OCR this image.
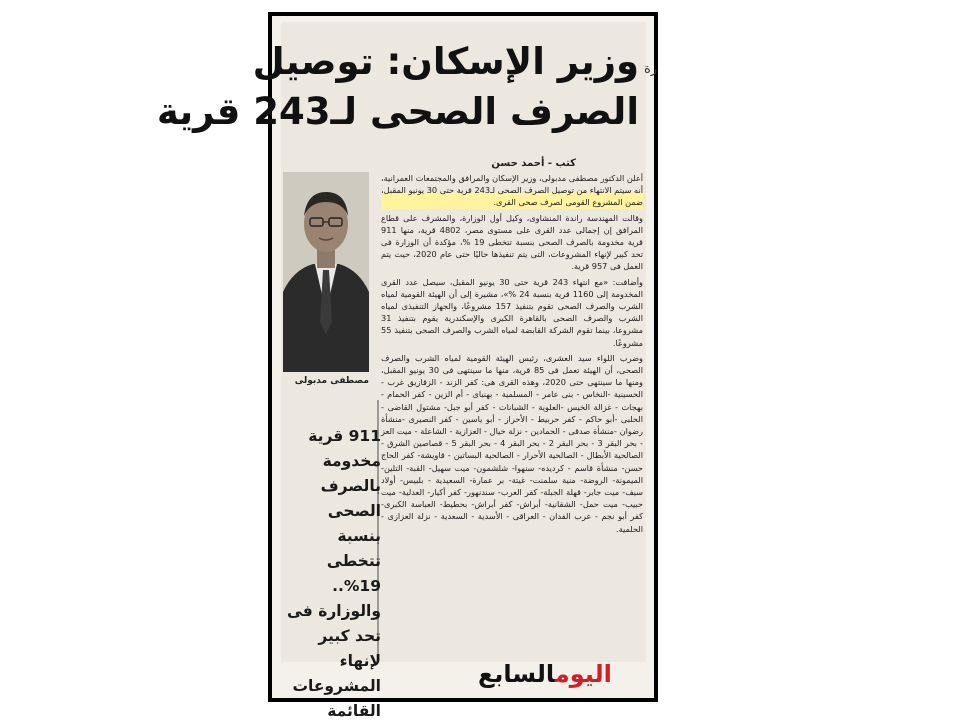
وزير الإسكان: توصيل
الصرف الصحى لـ243 قرية
رة
كتب - أحمد حسن
مصطفى مدبولى
911 قرية مخدومة بالصرف الصحى بنسبة تتخطى 19%.. والوزارة فى تحد كبير لإنهاء المشروعات القائمة

أعلن الدكتور مصطفى مدبولى، وزير الإسكان والمرافق والمجتمعات العمرانية، أنه سيتم الانتهاء من توصيل الصرف الصحى لـ243 قرية حتى 30 يونيو المقبل، ضمن المشروع القومى لصرف صحى القرى.

وقالت المهندسة راندة المنشاوى، وكيل أول الوزارة، والمشرف على قطاع المرافق إن إجمالى عدد القرى على مستوى مصر، 4802 قرية، منها 911 قرية مخدومة بالصرف الصحى بنسبة تتخطى 19 %، مؤكدة أن الوزارة فى تحد كبير لإنهاء المشروعات، التى يتم تنفيذها حاليًا حتى عام 2020، حيث يتم العمل فى 957 قرية.

وأضافت: «مع انتهاء 243 قرية حتى 30 يونيو المقبل، سيصل عدد القرى المخدومة إلى 1160 قرية بنسبة 24 %»، مشيرة إلى أن الهيئة القومية لمياه الشرب والصرف الصحى تقوم بتنفيذ 157 مشروعًا، والجهاز التنفيذى لمياه الشرب والصرف الصحى بالقاهرة الكبرى والإسكندرية يقوم بتنفيذ 31 مشروعا، بينما تقوم الشركة القابضة لمياه الشرب والصرف الصحى بتنفيذ 55 مشروعًا.

وضرب اللواء سيد العشرى، رئيس الهيئة القومية لمياه الشرب والصرف الصحى، أن الهيئة تعمل فى 85 قرية، منها ما سينتهى فى 30 يونيو المقبل، ومنها ما سينتهى حتى 2020، وهذه القرى هى: كفر الزند - الزقازيق غرب - الحسينية -النخاس - بنى عامر - المسلمية - بهنباى - أم الزين - كفر الحمام - بهجات - غزالة الخيس -العلوية - الشبانات - كفر أبو جبل- مشتول القاضى - الحلبى -أبو حاكم - كفر حربيط - الأحراز - أبو ياسين - كفر النصيرى -منشأة رضوان -منشأة صدقى - الحمادين - نزلة خيال - العزازية - الشاعلة - ميت العز - بحر البقر 3 - بحر البقر 2 - بحر البقر 4 - بحر البقر 5 - قصاصين الشرق - الصالحية الأبطال - الصالحية الأحرار - الصالحية البساتين - قاويشة- كفر الحاج حسن- منشأة قاسم - كرديده- سنهوا- شلشمون- ميت سهيل- القبة- التلين- الميمونة- الروضة- منية سلمنت- غيتة- بر عمارة- السعيدية - بلبيس- أولاد سيف- ميت جابر- قهلة الجبلة- كفر العرب- سندنهور- كفر أكيار- العدلية- ميت حبيب- ميت حمل- الشقانية- أبراش- كفر أبراش- بحطيط- العباسة الكبرى- كفر أبو نجم - عرب الفدان - العراقى - الأسدية - السعدية - نزلة العزازى - الحلمية.

اليومالسابع
